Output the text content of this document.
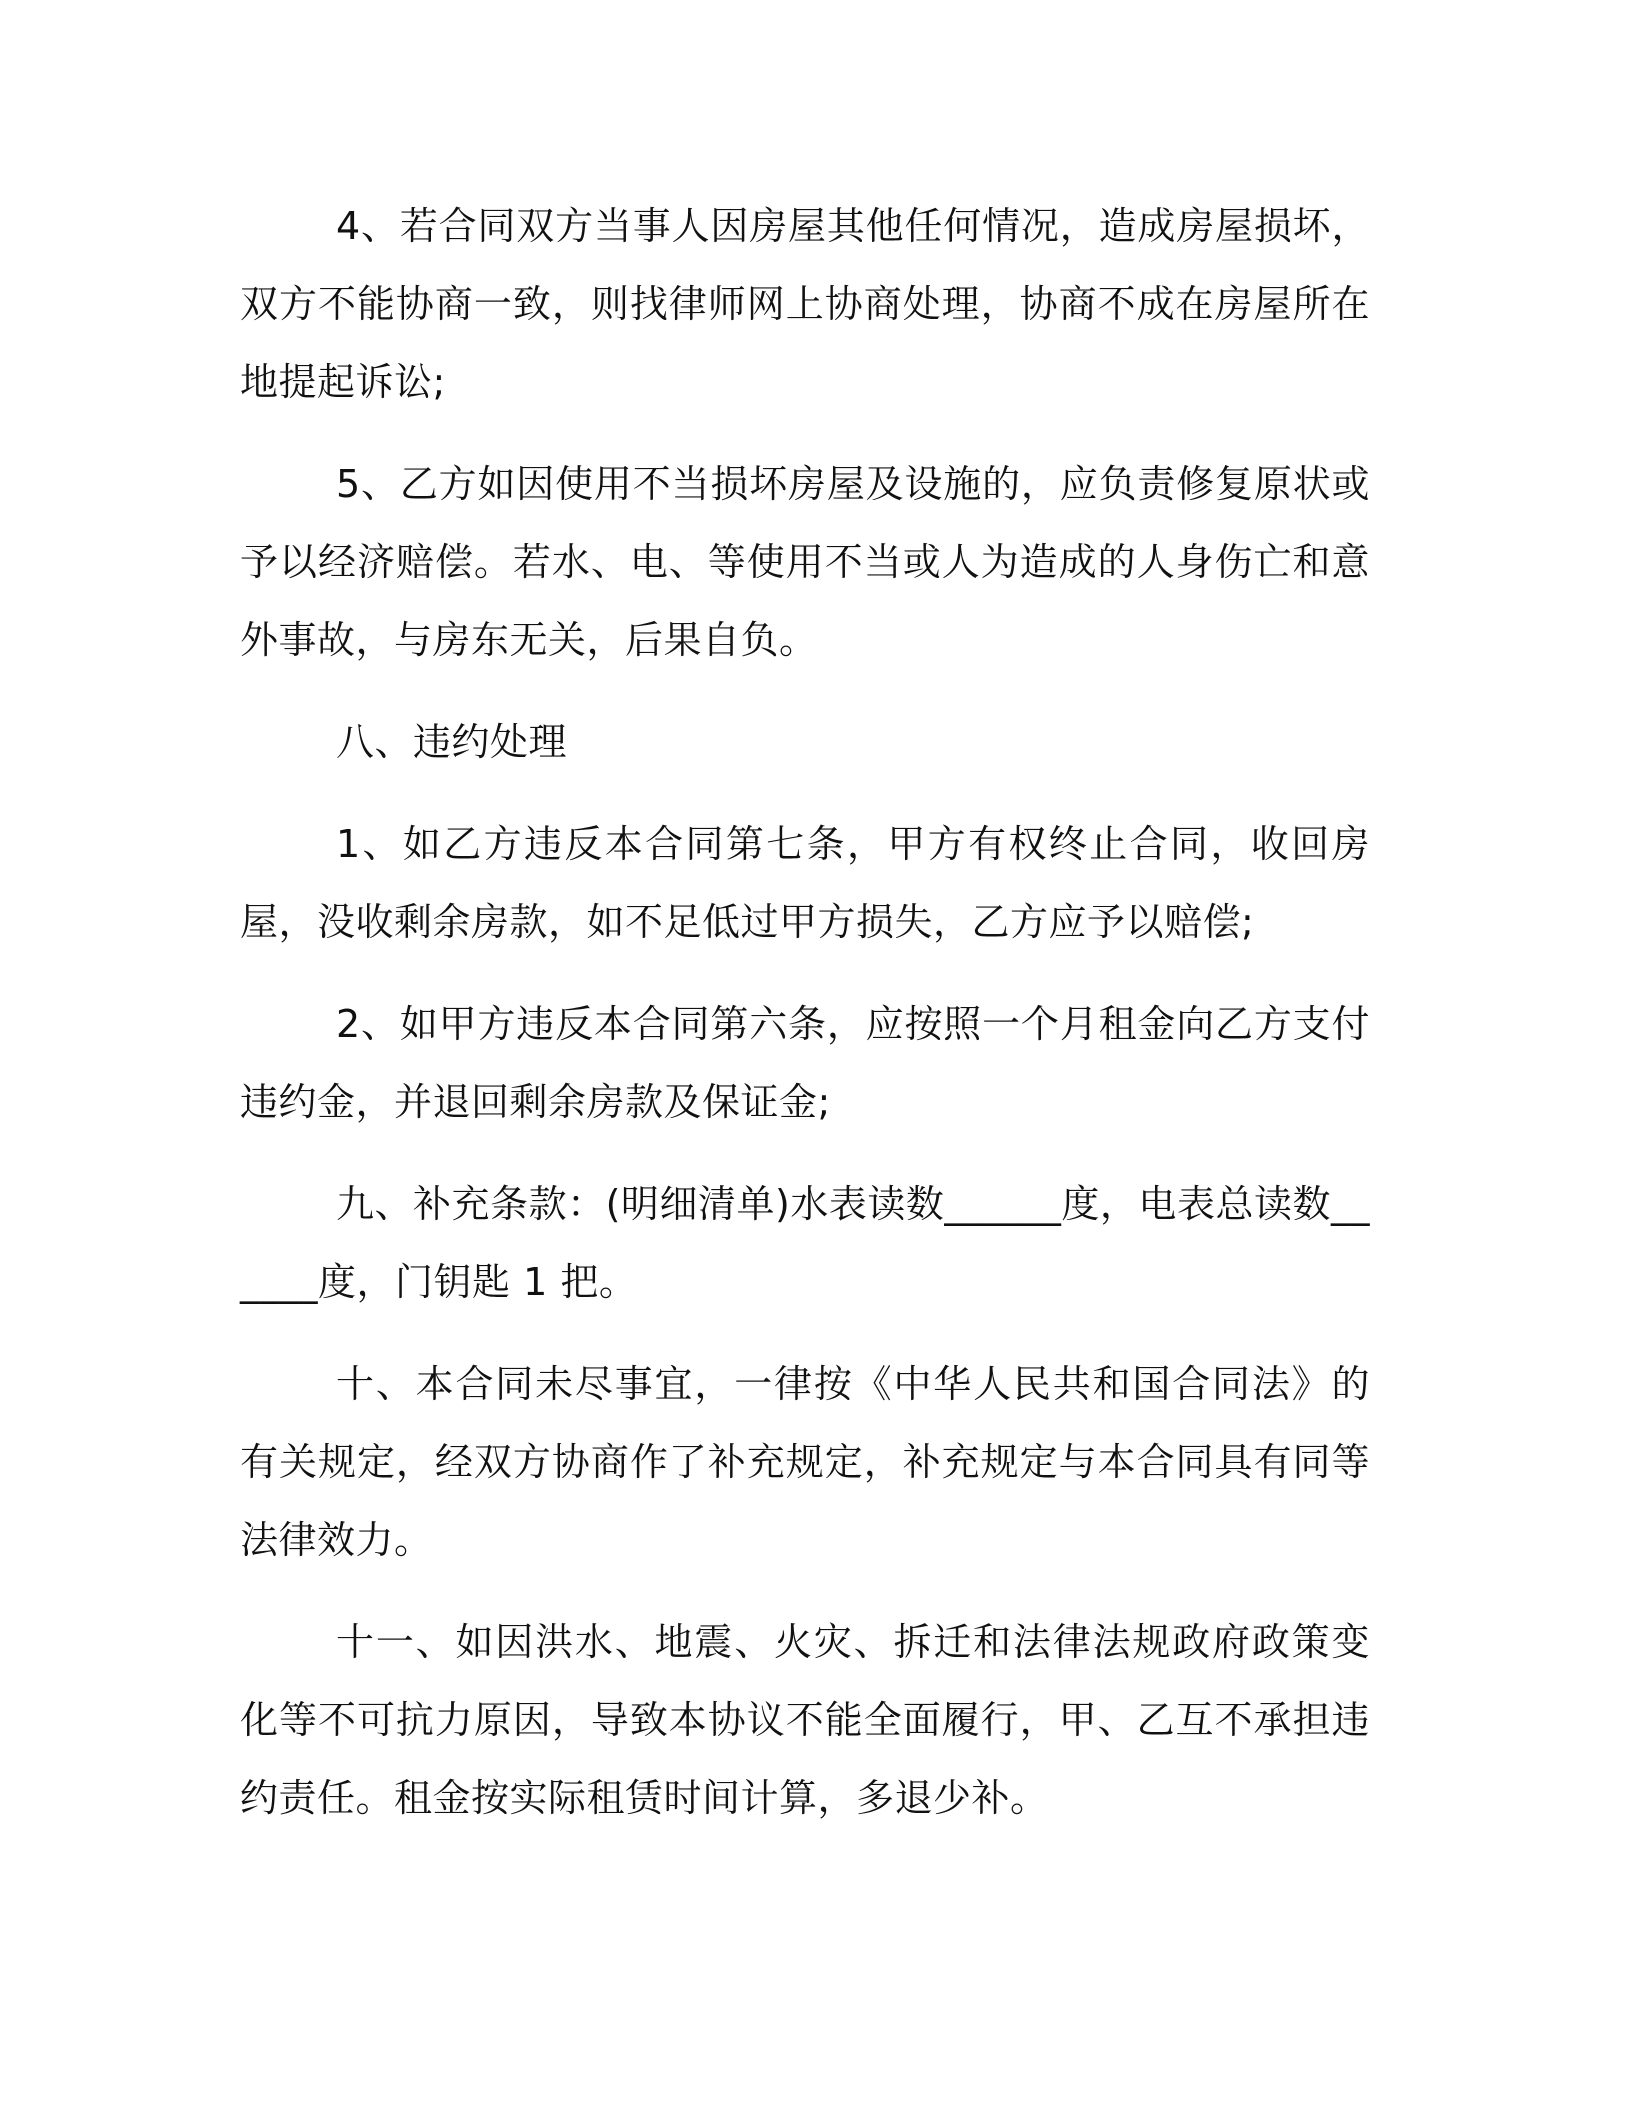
4、若合同双方当事人因房屋其他任何情况，造成房屋损坏，双方不能协商一致，则找律师网上协商处理，协商不成在房屋所在地提起诉讼;

5、乙方如因使用不当损坏房屋及设施的，应负责修复原状或予以经济赔偿。若水、电、等使用不当或人为造成的人身伤亡和意外事故，与房东无关，后果自负。

八、违约处理

1、如乙方违反本合同第七条，甲方有权终止合同，收回房屋，没收剩余房款，如不足低过甲方损失，乙方应予以赔偿;

2、如甲方违反本合同第六条，应按照一个月租金向乙方支付违约金，并退回剩余房款及保证金;

九、补充条款：(明细清单)水表读数______度，电表总读数______度，门钥匙 1 把。

十、本合同未尽事宜，一律按《中华人民共和国合同法》的有关规定，经双方协商作了补充规定，补充规定与本合同具有同等法律效力。

十一、如因洪水、地震、火灾、拆迁和法律法规政府政策变化等不可抗力原因，导致本协议不能全面履行，甲、乙互不承担违约责任。租金按实际租赁时间计算，多退少补。
